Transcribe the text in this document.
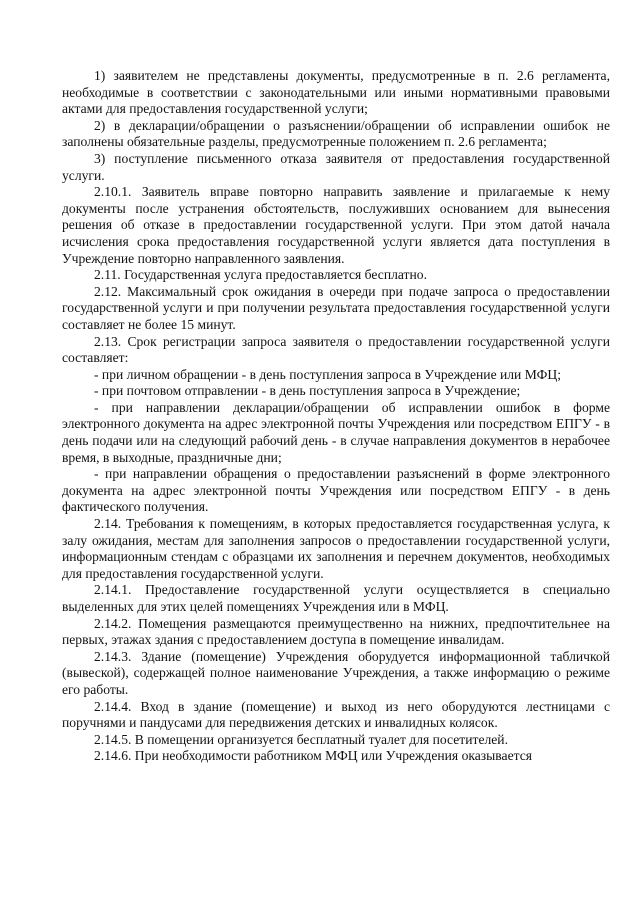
1) заявителем не представлены документы, предусмотренные в п. 2.6 регламента, необходимые в соответствии с законодательными или иными нормативными правовыми актами для предоставления государственной услуги;

2) в декларации/обращении о разъяснении/обращении об исправлении ошибок не заполнены обязательные разделы, предусмотренные положением п. 2.6 регламента;

3) поступление письменного отказа заявителя от предоставления государственной услуги.

2.10.1. Заявитель вправе повторно направить заявление и прилагаемые к нему документы после устранения обстоятельств, послуживших основанием для вынесения решения об отказе в предоставлении государственной услуги. При этом датой начала исчисления срока предоставления государственной услуги является дата поступления в Учреждение повторно направленного заявления.

2.11. Государственная услуга предоставляется бесплатно.

2.12. Максимальный срок ожидания в очереди при подаче запроса о предоставлении государственной услуги и при получении результата предоставления государственной услуги составляет не более 15 минут.

2.13. Срок регистрации запроса заявителя о предоставлении государственной услуги составляет:

- при личном обращении - в день поступления запроса в Учреждение или МФЦ;

- при почтовом отправлении - в день поступления запроса в Учреждение;

- при направлении декларации/обращении об исправлении ошибок в форме электронного документа на адрес электронной почты Учреждения или посредством ЕПГУ - в день подачи или на следующий рабочий день - в случае направления документов в нерабочее время, в выходные, праздничные дни;

- при направлении обращения о предоставлении разъяснений в форме электронного документа на адрес электронной почты Учреждения или посредством ЕПГУ - в день фактического получения.

2.14. Требования к помещениям, в которых предоставляется государственная услуга, к залу ожидания, местам для заполнения запросов о предоставлении государственной услуги, информационным стендам с образцами их заполнения и перечнем документов, необходимых для предоставления государственной услуги.

2.14.1. Предоставление государственной услуги осуществляется в специально выделенных для этих целей помещениях Учреждения или в МФЦ.

2.14.2. Помещения размещаются преимущественно на нижних, предпочтительнее на первых, этажах здания с предоставлением доступа в помещение инвалидам.

2.14.3. Здание (помещение) Учреждения оборудуется информационной табличкой (вывеской), содержащей полное наименование Учреждения, а также информацию о режиме его работы.

2.14.4. Вход в здание (помещение) и выход из него оборудуются лестницами с поручнями и пандусами для передвижения детских и инвалидных колясок.

2.14.5. В помещении организуется бесплатный туалет для посетителей.

2.14.6. При необходимости работником МФЦ или Учреждения оказывается
